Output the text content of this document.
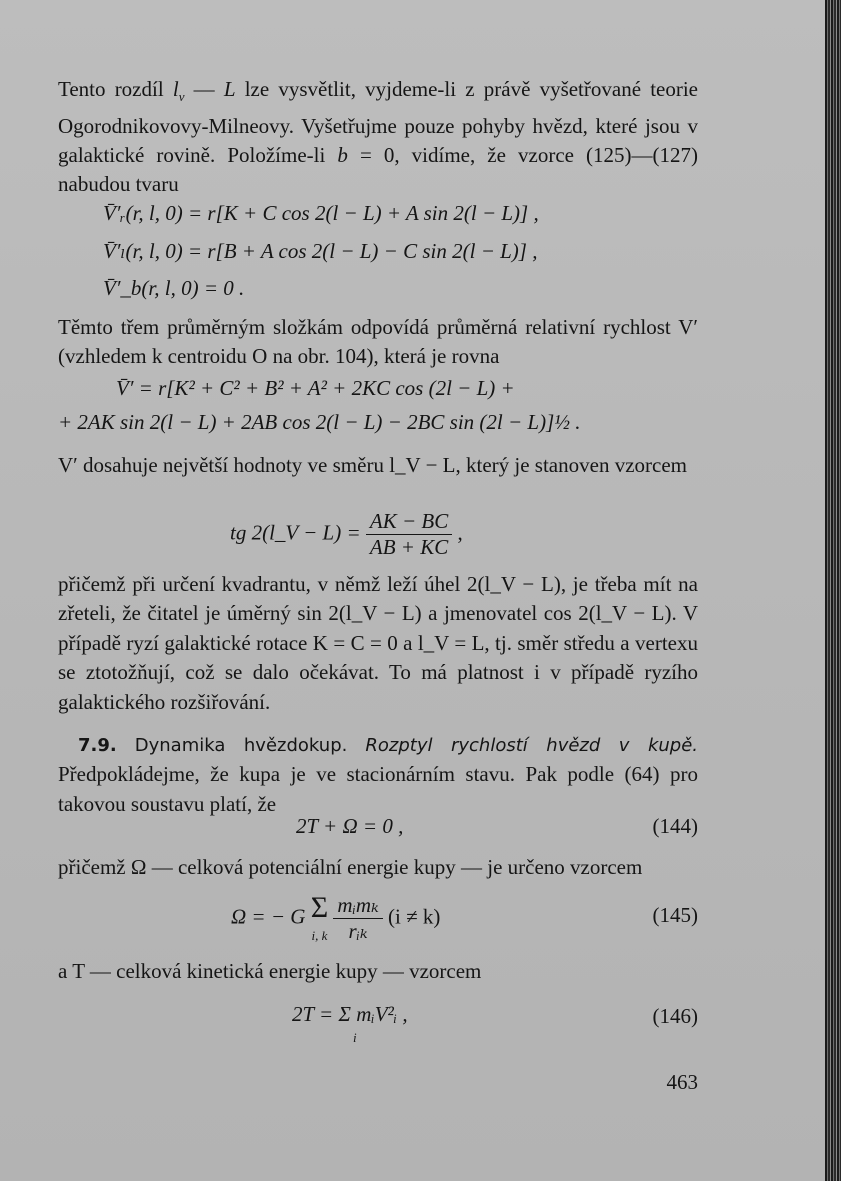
Tento rozdíl $l_v$ — L lze vysvětlit, vyjdeme-li z právě vyšetřované teorie Ogorodnikovovy-Milneovy. Vyšetřujme pouze pohyby hvězd, které jsou v galaktické rovině. Položíme-li b = 0, vidíme, že vzorce (125)—(127) nabudou tvaru

V̄′ᵣ(r, l, 0) = r[K + C cos 2(l − L) + A sin 2(l − L)] ,
V̄′ₗ(r, l, 0) = r[B + A cos 2(l − L) − C sin 2(l − L)] ,
V̄′_b(r, l, 0) = 0 .

Těmto třem průměrným složkám odpovídá průměrná relativní rychlost V′ (vzhledem k centroidu O na obr. 104), která je rovna

V̄′ = r[K² + C² + B² + A² + 2KC cos (2l − L) +
+ 2AK sin 2(l − L) + 2AB cos 2(l − L) − 2BC sin (2l − L)]½ .

V′ dosahuje největší hodnoty ve směru l_V − L, který je stanoven vzorcem

tg 2(l_V − $L) = \frac{AK - BC}{AB + KC}$ ,

přičemž při určení kvadrantu, v němž leží úhel 2(l_V − L), je třeba mít na zřeteli, že čitatel je úměrný sin 2(l_V − L) a jmenovatel cos 2(l_V − L). V případě ryzí galaktické rotace K = C = 0 a l_V = L, tj. směr středu a vertexu se ztotožňují, což se dalo očekávat. To má platnost i v případě ryzího galaktického rozšiřování.

7.9. Dynamika hvězdokup. Rozptyl rychlostí hvězd v kupě. Předpokládejme, že kupa je ve stacionárním stavu. Pak podle (64) pro takovou soustavu platí, že

2T + Ω = 0 ,	(144)

přičemž Ω — celková potenciální energie kupy — je určeno vzorcem

Ω = − G Σ
i, k $\frac{\text{mᵢmₖ}}{\text{rᵢₖ}} (i \ne k)$	(145)

a T — celková kinetická energie kupy — vzorcem

2T = Σ mᵢV²ᵢ ,
i
(146)
463
